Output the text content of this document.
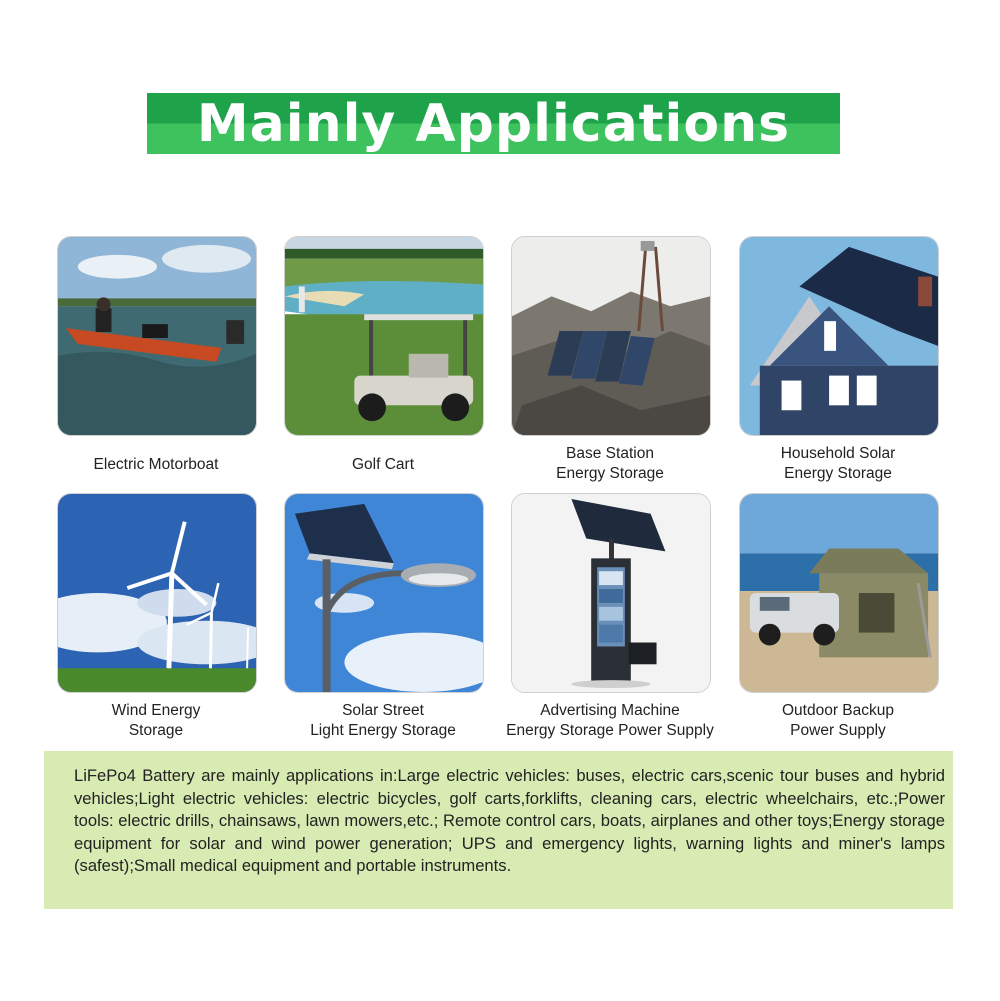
Mainly Applications
Electric Motorboat	Golf Cart
Base Station
Energy Storage
Household Solar
Energy Storage
Wind Energy
Storage
Solar Street
Light Energy Storage
Advertising Machine
Energy Storage Power Supply
Outdoor Backup
Power Supply

LiFePo4 Battery are mainly applications in:Large electric vehicles: buses, electric cars,scenic tour buses and hybrid vehicles;Light electric vehicles: electric bicycles, golf carts,forklifts, cleaning cars, electric wheelchairs, etc.;Power tools: electric drills, chainsaws, lawn mowers,etc.; Remote control cars, boats, airplanes and other toys;Energy storage equipment for solar and wind power generation; UPS and emergency lights, warning lights and miner's lamps (safest);Small medical equipment and portable instruments.
